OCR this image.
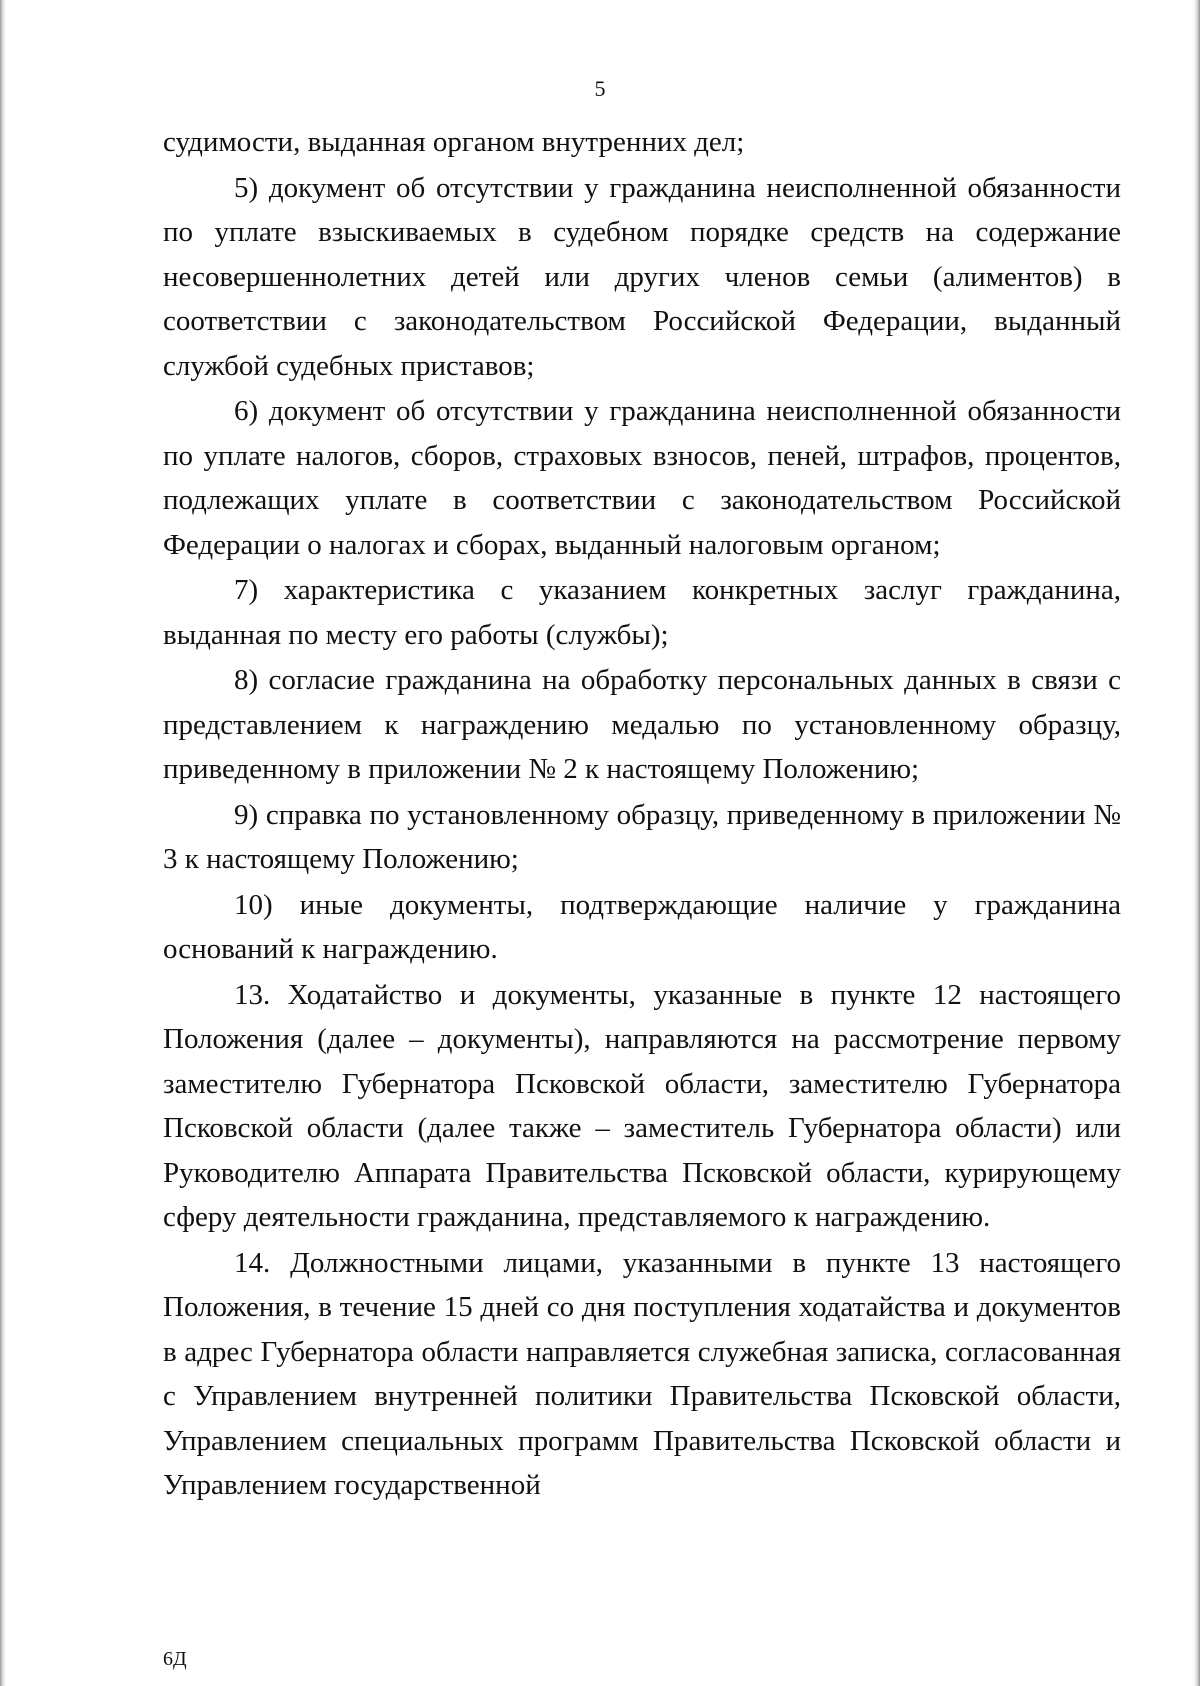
5

судимости, выданная органом внутренних дел;

5) документ об отсутствии у гражданина неисполненной обязанности по уплате взыскиваемых в судебном порядке средств на содержание несовершеннолетних детей или других членов семьи (алиментов) в соответствии с законодательством Российской Федерации, выданный службой судебных приставов;

6) документ об отсутствии у гражданина неисполненной обязанности по уплате налогов, сборов, страховых взносов, пеней, штрафов, процентов, подлежащих уплате в соответствии с законодательством Российской Федерации о налогах и сборах, выданный налоговым органом;

7) характеристика с указанием конкретных заслуг гражданина, выданная по месту его работы (службы);

8) согласие гражданина на обработку персональных данных в связи с представлением к награждению медалью по установленному образцу, приведенному в приложении № 2 к настоящему Положению;

9) справка по установленному образцу, приведенному в приложении № 3 к настоящему Положению;

10) иные документы, подтверждающие наличие у гражданина оснований к награждению.

13. Ходатайство и документы, указанные в пункте 12 настоящего Положения (далее – документы), направляются на рассмотрение первому заместителю Губернатора Псковской области, заместителю Губернатора Псковской области (далее также – заместитель Губернатора области) или Руководителю Аппарата Правительства Псковской области, курирующему сферу деятельности гражданина, представляемого к награждению.

14. Должностными лицами, указанными в пункте 13 настоящего Положения, в течение 15 дней со дня поступления ходатайства и документов в адрес Губернатора области направляется служебная записка, согласованная с Управлением внутренней политики Правительства Псковской области, Управлением специальных программ Правительства Псковской области и Управлением государственной

6Д
